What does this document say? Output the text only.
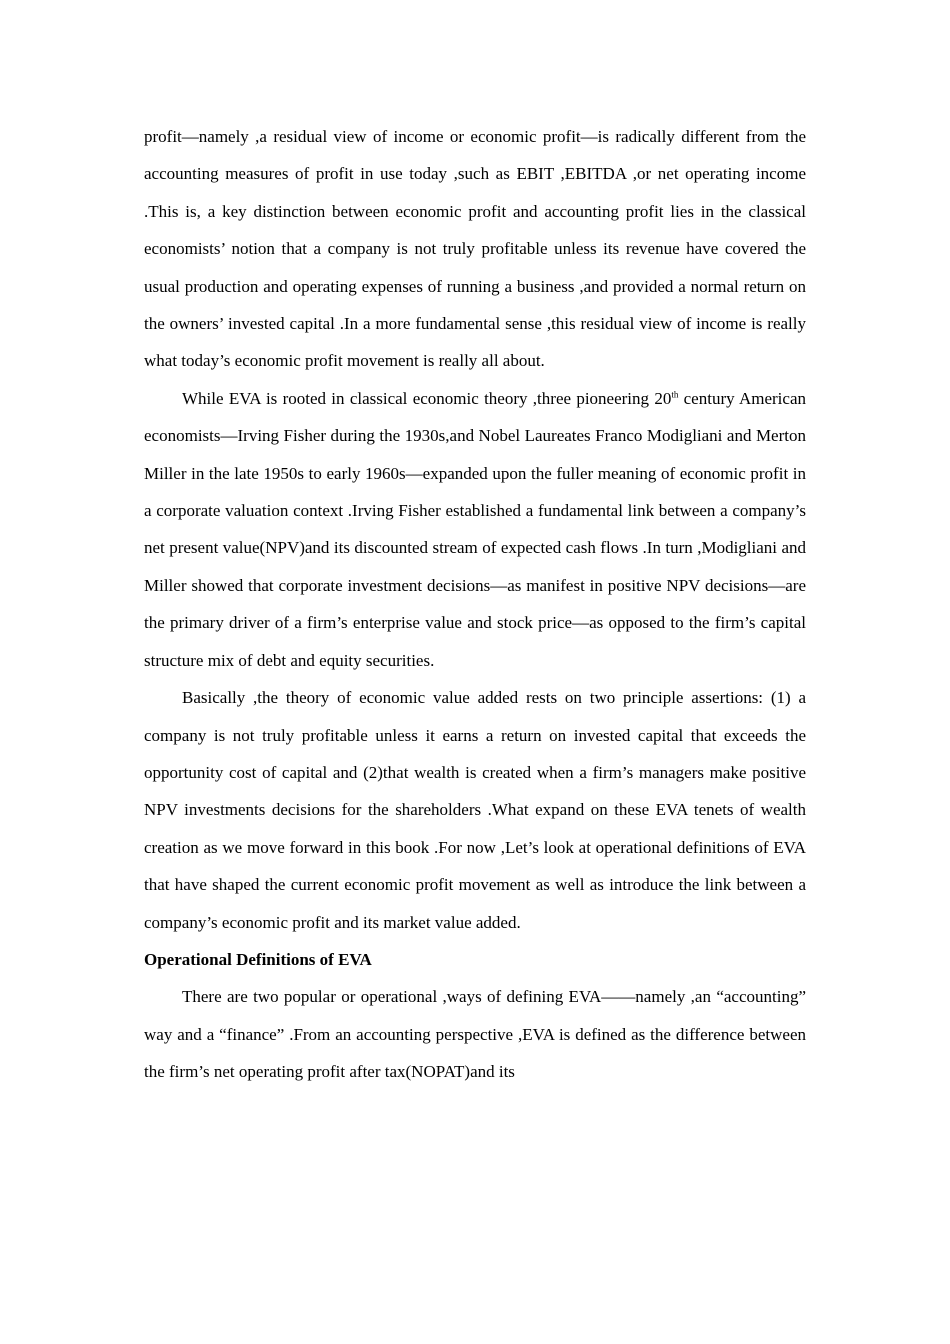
profit—namely ,a residual view of income or economic profit—is radically different from the accounting measures of profit in use today ,such as EBIT ,EBITDA ,or net operating income .This is, a key distinction between economic profit and accounting profit lies in the classical economists’ notion that a company is not truly profitable unless its revenue have covered the usual production and operating expenses of running a business ,and provided a normal return on the owners’ invested capital .In a more fundamental sense ,this residual view of income is really what today’s economic profit movement is really all about.

While EVA is rooted in classical economic theory ,three pioneering 20th century American economists—Irving Fisher during the 1930s,and Nobel Laureates Franco Modigliani and Merton Miller in the late 1950s to early 1960s—expanded upon the fuller meaning of economic profit in a corporate valuation context .Irving Fisher established a fundamental link between a company’s net present value(NPV)and its discounted stream of expected cash flows .In turn ,Modigliani and Miller showed that corporate investment decisions—as manifest in positive NPV decisions—are the primary driver of a firm’s enterprise value and stock price—as opposed to the firm’s capital structure mix of debt and equity securities.

Basically ,the theory of economic value added rests on two principle assertions: (1) a company is not truly profitable unless it earns a return on invested capital that exceeds the opportunity cost of capital and (2)that wealth is created when a firm’s managers make positive NPV investments decisions for the shareholders .What expand on these EVA tenets of wealth creation as we move forward in this book .For now ,Let’s look at operational definitions of EVA that have shaped the current economic profit movement as well as introduce the link between a company’s economic profit and its market value added.

Operational Definitions of EVA

There are two popular or operational ,ways of defining EVA——namely ,an “accounting” way and a “finance” .From an accounting perspective ,EVA is defined as the difference between the firm’s net operating profit after tax(NOPAT)and its
